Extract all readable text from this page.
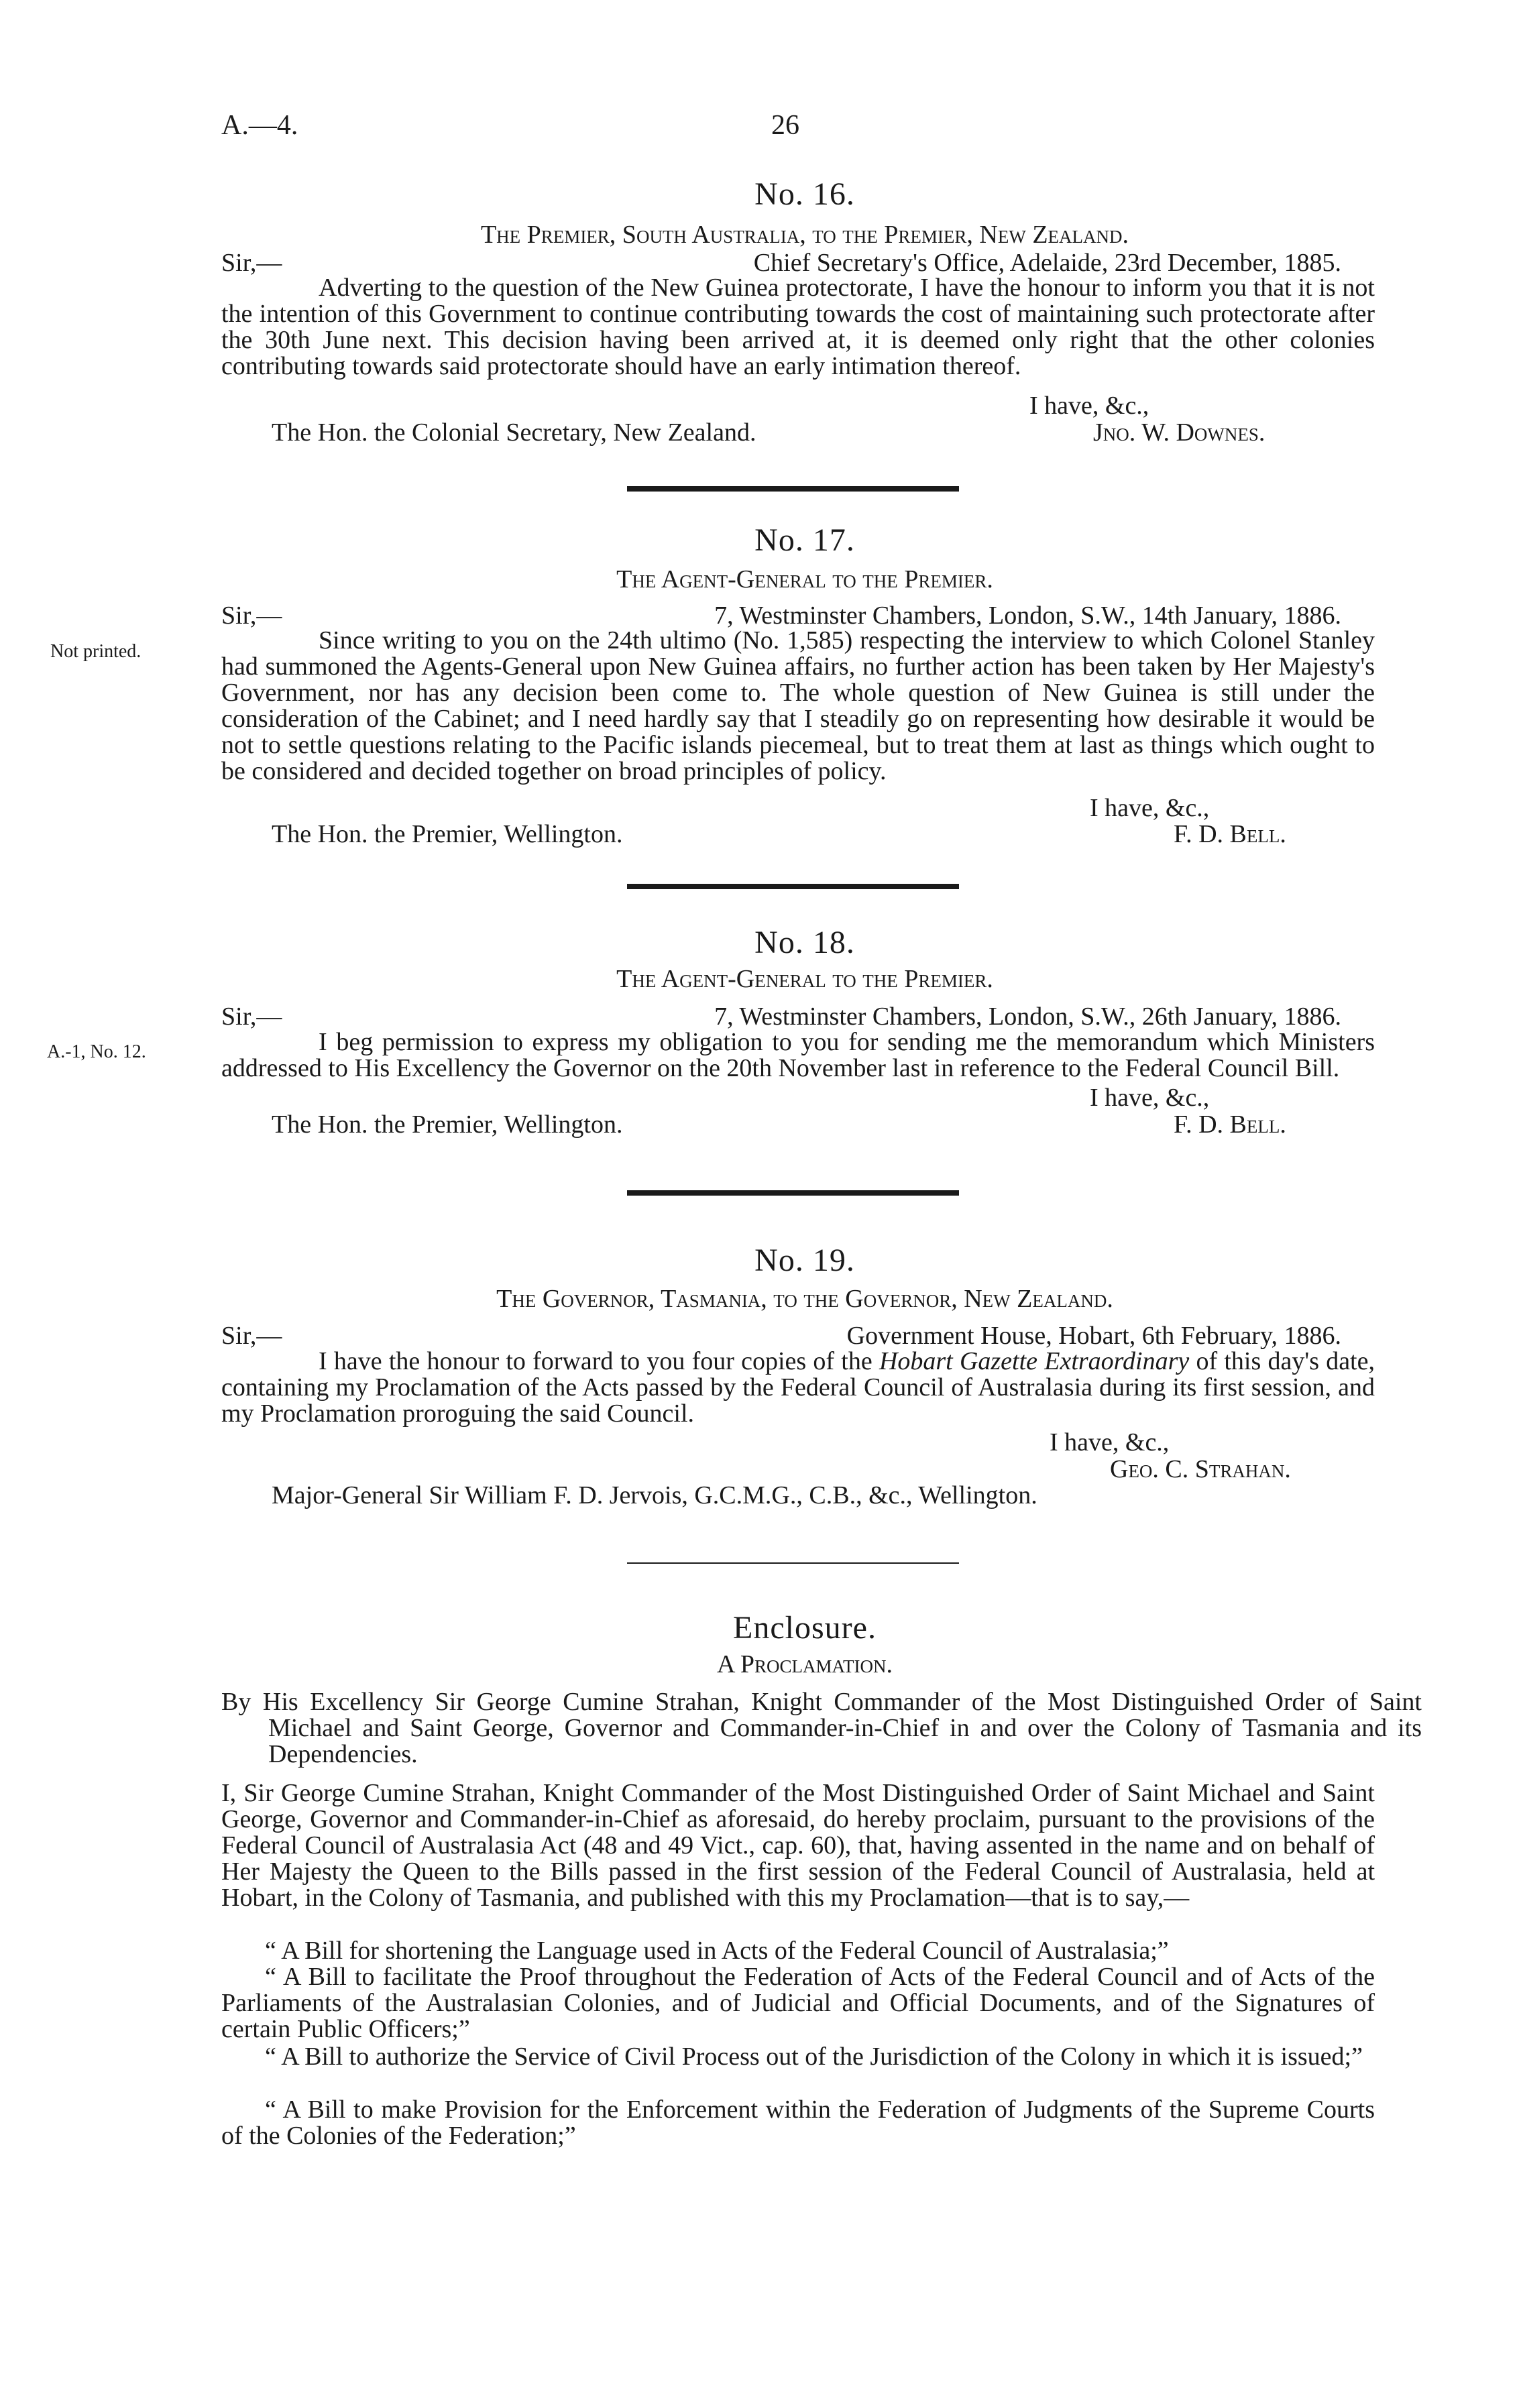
A.—4.	26
No. 16.
The Premier, South Australia, to the Premier, New Zealand.
Sir,—	Chief Secretary's Office, Adelaide, 23rd December, 1885.
Adverting to the question of the New Guinea protectorate, I have the honour to inform you that it is not the intention of this Government to continue contributing towards the cost of maintaining such protectorate after the 30th June next. This decision having been arrived at, it is deemed only right that the other colonies contributing towards said protectorate should have an early intimation thereof.
I have, &c.,
The Hon. the Colonial Secretary, New Zealand.	Jno. W. Downes.
No. 17.
The Agent-General to the Premier.
Not printed.
Sir,—	7, Westminster Chambers, London, S.W., 14th January, 1886.
Since writing to you on the 24th ultimo (No. 1,585) respecting the interview to which Colonel Stanley had summoned the Agents-General upon New Guinea affairs, no further action has been taken by Her Majesty's Government, nor has any decision been come to. The whole question of New Guinea is still under the consideration of the Cabinet; and I need hardly say that I steadily go on representing how desirable it would be not to settle questions relating to the Pacific islands piecemeal, but to treat them at last as things which ought to be considered and decided together on broad principles of policy.
I have, &c.,
The Hon. the Premier, Wellington.	F. D. Bell.
No. 18.
The Agent-General to the Premier.
A.-1, No. 12.
Sir,—	7, Westminster Chambers, London, S.W., 26th January, 1886.
I beg permission to express my obligation to you for sending me the memorandum which Ministers addressed to His Excellency the Governor on the 20th November last in reference to the Federal Council Bill.
I have, &c.,
The Hon. the Premier, Wellington.	F. D. Bell.
No. 19.
The Governor, Tasmania, to the Governor, New Zealand.
Sir,—	Government House, Hobart, 6th February, 1886.
I have the honour to forward to you four copies of the Hobart Gazette Extraordinary of this day's date, containing my Proclamation of the Acts passed by the Federal Council of Australasia during its first session, and my Proclamation proroguing the said Council.
I have, &c.,
Geo. C. Strahan.
Major-General Sir William F. D. Jervois, G.C.M.G., C.B., &c., Wellington.
Enclosure.
A Proclamation.
By His Excellency Sir George Cumine Strahan, Knight Commander of the Most Distinguished Order of Saint Michael and Saint George, Governor and Commander-in-Chief in and over the Colony of Tasmania and its Dependencies.
I, Sir George Cumine Strahan, Knight Commander of the Most Distinguished Order of Saint Michael and Saint George, Governor and Commander-in-Chief as aforesaid, do hereby proclaim, pursuant to the provisions of the Federal Council of Australasia Act (48 and 49 Vict., cap. 60), that, having assented in the name and on behalf of Her Majesty the Queen to the Bills passed in the first session of the Federal Council of Australasia, held at Hobart, in the Colony of Tasmania, and published with this my Proclamation—that is to say,—
“ A Bill for shortening the Language used in Acts of the Federal Council of Australasia;”
“ A Bill to facilitate the Proof throughout the Federation of Acts of the Federal Council and of Acts of the Parliaments of the Australasian Colonies, and of Judicial and Official Documents, and of the Signatures of certain Public Officers;”
“ A Bill to authorize the Service of Civil Process out of the Jurisdiction of the Colony in which it is issued;”
“ A Bill to make Provision for the Enforcement within the Federation of Judgments of the Supreme Courts of the Colonies of the Federation;”
